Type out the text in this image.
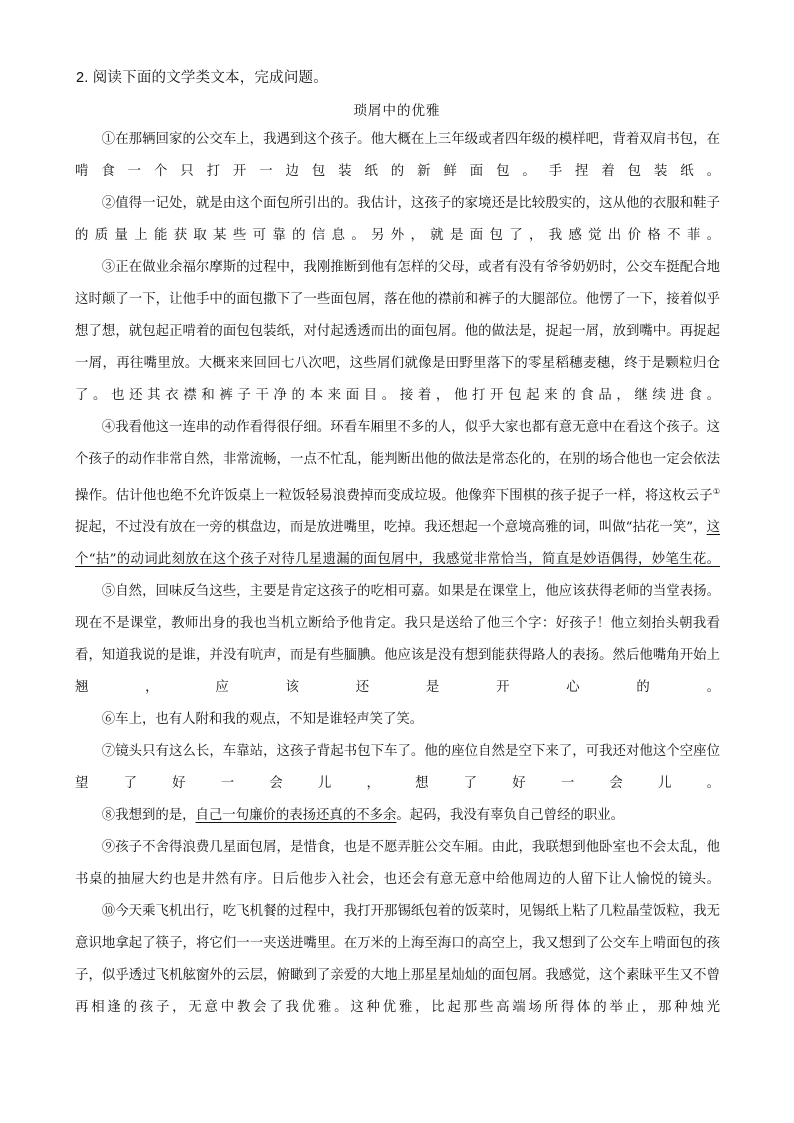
2. 阅读下面的文学类文本，完成问题。
琐屑中的优雅

①在那辆回家的公交车上，我遇到这个孩子。他大概在上三年级或者四年级的模样吧，背着双肩书包，在啃食一个只打开一边包装纸的新鲜面包。手捏着包装纸。

②值得一记处，就是由这个面包所引出的。我估计，这孩子的家境还是比较殷实的，这从他的衣服和鞋子的质量上能获取某些可靠的信息。另外，就是面包了，我感觉出价格不菲。

③正在做业余福尔摩斯的过程中，我刚推断到他有怎样的父母，或者有没有爷爷奶奶时，公交车挺配合地这时颠了一下，让他手中的面包撒下了一些面包屑，落在他的襟前和裤子的大腿部位。他愣了一下，接着似乎想了想，就包起正啃着的面包包装纸，对付起透透而出的面包屑。他的做法是，捉起一屑，放到嘴中。再捉起一屑，再往嘴里放。大概来来回回七八次吧，这些屑们就像是田野里落下的零星稻穗麦穗，终于是颗粒归仓了。也还其衣襟和裤子干净的本来面目。接着，他打开包起来的食品，继续进食。

④我看他这一连串的动作看得很仔细。环看车厢里不多的人，似乎大家也都有意无意中在看这个孩子。这个孩子的动作非常自然，非常流畅，一点不忙乱，能判断出他的做法是常态化的，在别的场合他也一定会依法操作。估计他也绝不允许饭桌上一粒饭轻易浪费掉而变成垃圾。他像弈下围棋的孩子捉子一样，将这枚云子①捉起，不过没有放在一旁的棋盘边，而是放进嘴里，吃掉。我还想起一个意境高雅的词，叫做“拈花一笑”，这个“拈”的动词此刻放在这个孩子对待几星遗漏的面包屑中，我感觉非常恰当，简直是妙语偶得，妙笔生花。

⑤自然，回味反刍这些，主要是肯定这孩子的吃相可嘉。如果是在课堂上，他应该获得老师的当堂表扬。现在不是课堂，教师出身的我也当机立断给予他肯定。我只是送给了他三个字：好孩子！他立刻抬头朝我看看，知道我说的是谁，并没有吭声，而是有些腼腆。他应该是没有想到能获得路人的表扬。然后他嘴角开始上翘，应该还是开心的。

⑥车上，也有人附和我的观点，不知是谁轻声笑了笑。

⑦镜头只有这么长，车靠站，这孩子背起书包下车了。他的座位自然是空下来了，可我还对他这个空座位望了好一会儿，想了好一会儿。

⑧我想到的是，自己一句廉价的表扬还真的不多余。起码，我没有辜负自己曾经的职业。

⑨孩子不舍得浪费几星面包屑，是惜食，也是不愿弄脏公交车厢。由此，我联想到他卧室也不会太乱，他书桌的抽屉大约也是井然有序。日后他步入社会，也还会有意无意中给他周边的人留下让人愉悦的镜头。

⑩今天乘飞机出行，吃飞机餐的过程中，我打开那锡纸包着的饭菜时，见锡纸上粘了几粒晶莹饭粒，我无意识地拿起了筷子，将它们一一夹送进嘴里。在万米的上海至海口的高空上，我又想到了公交车上啃面包的孩子，似乎透过飞机舷窗外的云层，俯瞰到了亲爱的大地上那星星灿灿的面包屑。我感觉，这个素昧平生又不曾再相逢的孩子，无意中教会了我优雅。这种优雅，比起那些高端场所得体的举止，那种烛光
